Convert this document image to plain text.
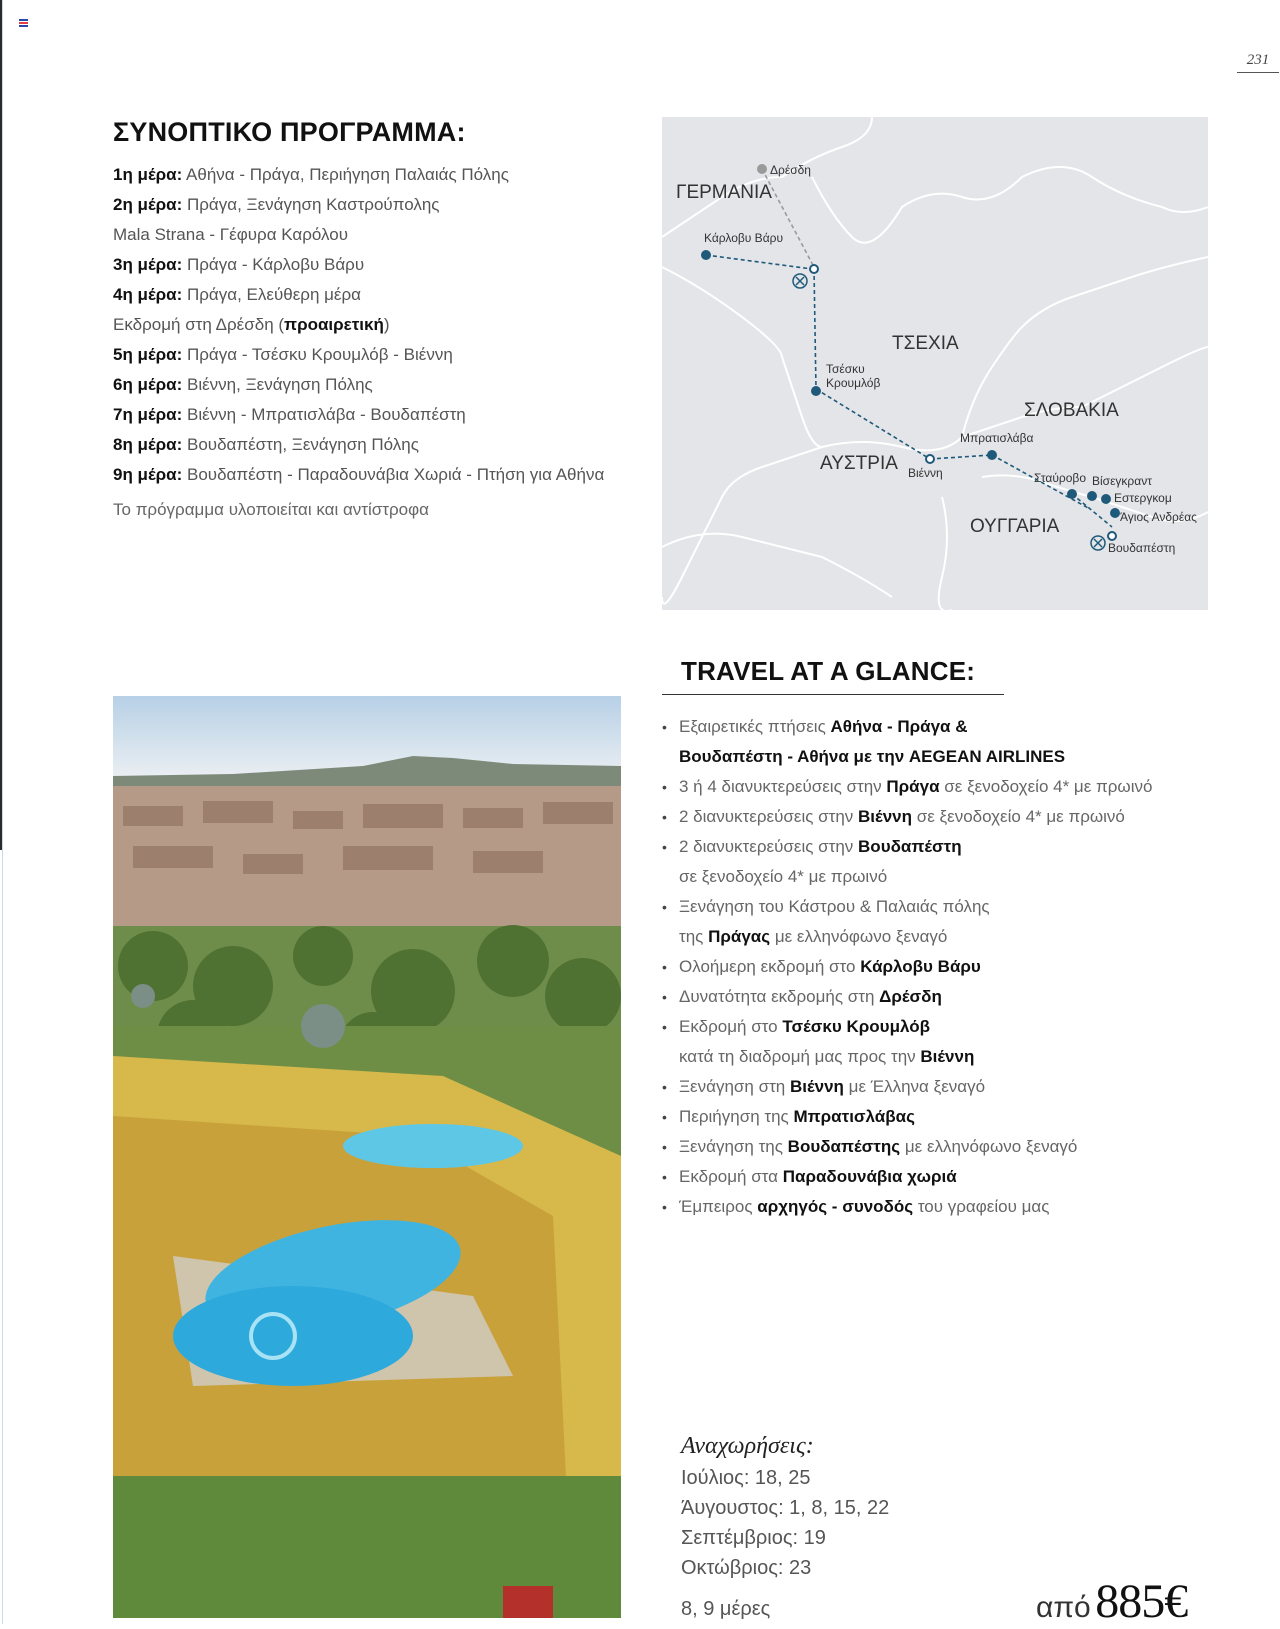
231
ΣΥΝΟΠΤΙΚΟ ΠΡΟΓΡΑΜΜΑ:
1η μέρα: Αθήνα - Πράγα, Περιήγηση Παλαιάς Πόλης
2η μέρα: Πράγα, Ξενάγηση Καστρούπολης
Mala Strana - Γέφυρα Καρόλου
3η μέρα: Πράγα - Κάρλοβυ Βάρυ
4η μέρα: Πράγα, Ελεύθερη μέρα
Εκδρομή στη Δρέσδη (προαιρετική)
5η μέρα: Πράγα - Τσέσκυ Κρουμλόβ - Βιέννη
6η μέρα: Βιέννη, Ξενάγηση Πόλης
7η μέρα: Βιέννη - Μπρατισλάβα - Βουδαπέστη
8η μέρα: Βουδαπέστη, Ξενάγηση Πόλης
9η μέρα: Βουδαπέστη - Παραδουνάβια Χωριά - Πτήση για Αθήνα
Το πρόγραμμα υλοποιείται και αντίστροφα
ΓΕΡΜΑΝΙΑ
ΤΣΕΧΙΑ
ΣΛΟΒΑΚΙΑ
ΑΥΣΤΡΙΑ
ΟΥΓΓΑΡΙΑ
Δρέσδη
Κάρλοβυ Βάρυ
Τσέσκυ
Κρουμλόβ
Βιέννη
Μπρατισλάβα
Σταύροβο Βίσεγκραντ
Εστεργκομ
Άγιος Ανδρέας
Βουδαπέστη
TRAVEL AT A GLANCE:
• Εξαιρετικές πτήσεις Αθήνα - Πράγα &
Βουδαπέστη - Αθήνα με την AEGEAN AIRLINES
• 3 ή 4 διανυκτερεύσεις στην Πράγα σε ξενοδοχείο 4* με πρωινό
• 2 διανυκτερεύσεις στην Βιέννη σε ξενοδοχείο 4* με πρωινό
• 2 διανυκτερεύσεις στην Βουδαπέστη
σε ξενοδοχείο 4* με πρωινό
• Ξενάγηση του Κάστρου & Παλαιάς πόλης
της Πράγας με ελληνόφωνο ξεναγό
• Ολοήμερη εκδρομή στο Κάρλοβυ Βάρυ
• Δυνατότητα εκδρομής στη Δρέσδη
• Εκδρομή στο Τσέσκυ Κρουμλόβ
κατά τη διαδρομή μας προς την Βιέννη
• Ξενάγηση στη Βιέννη με Έλληνα ξεναγό
• Περιήγηση της Μπρατισλάβας
• Ξενάγηση της Βουδαπέστης με ελληνόφωνο ξεναγό
• Εκδρομή στα Παραδουνάβια χωριά
• Έμπειρος αρχηγός - συνοδός του γραφείου μας
Αναχωρήσεις:
Ιούλιος: 18, 25
Άυγουστος: 1, 8, 15, 22
Σεπτέμβριος: 19
Οκτώβριος: 23
8, 9 μέρες	από 885€
